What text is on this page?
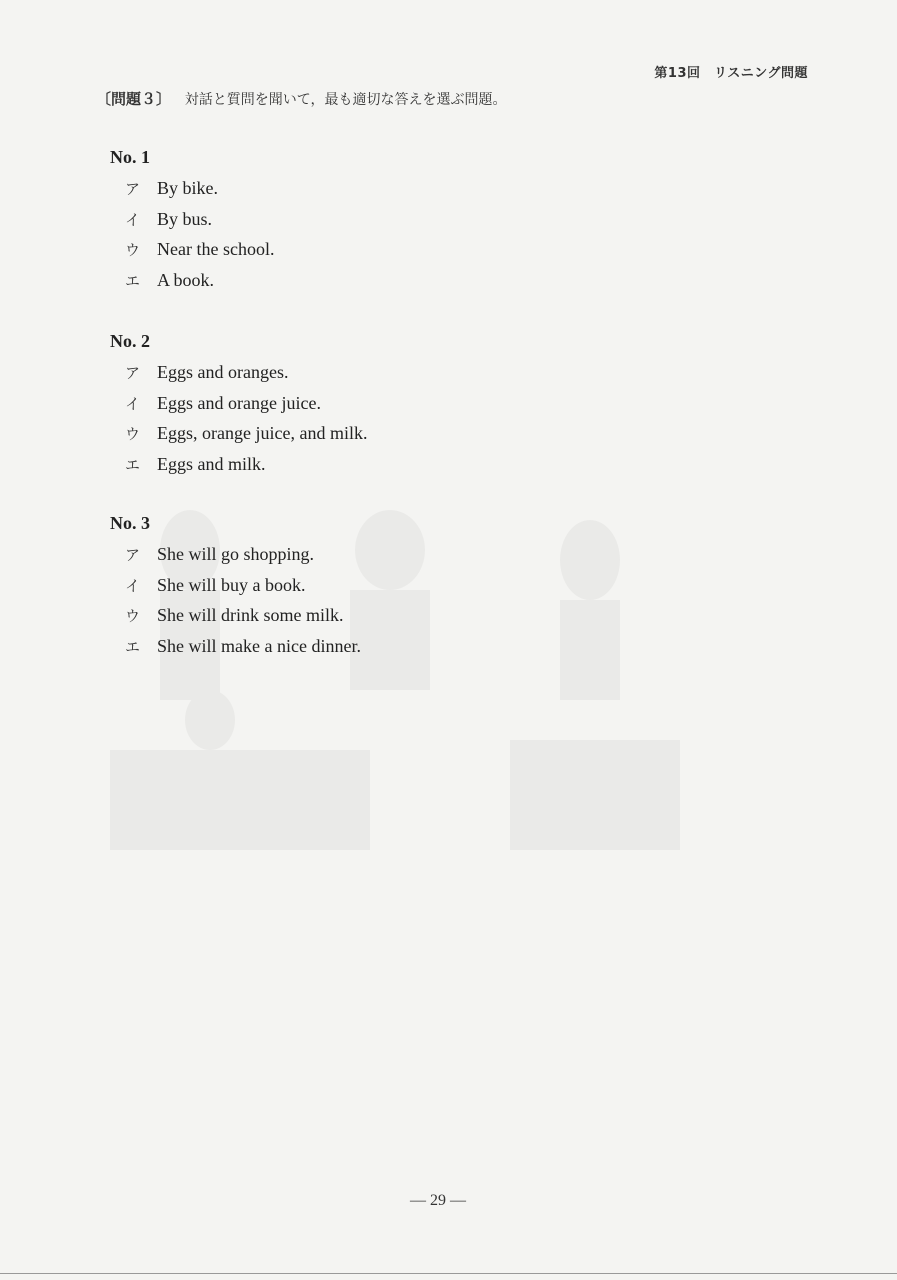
第13回　リスニング問題
〔問題３〕 対話と質問を聞いて，最も適切な答えを選ぶ問題。
No. 1
ア By bike.
イ By bus.
ウ Near the school.
エ A book.
No. 2
ア Eggs and oranges.
イ Eggs and orange juice.
ウ Eggs, orange juice, and milk.
エ Eggs and milk.
No. 3
ア She will go shopping.
イ She will buy a book.
ウ She will drink some milk.
エ She will make a nice dinner.
― 29 ―
